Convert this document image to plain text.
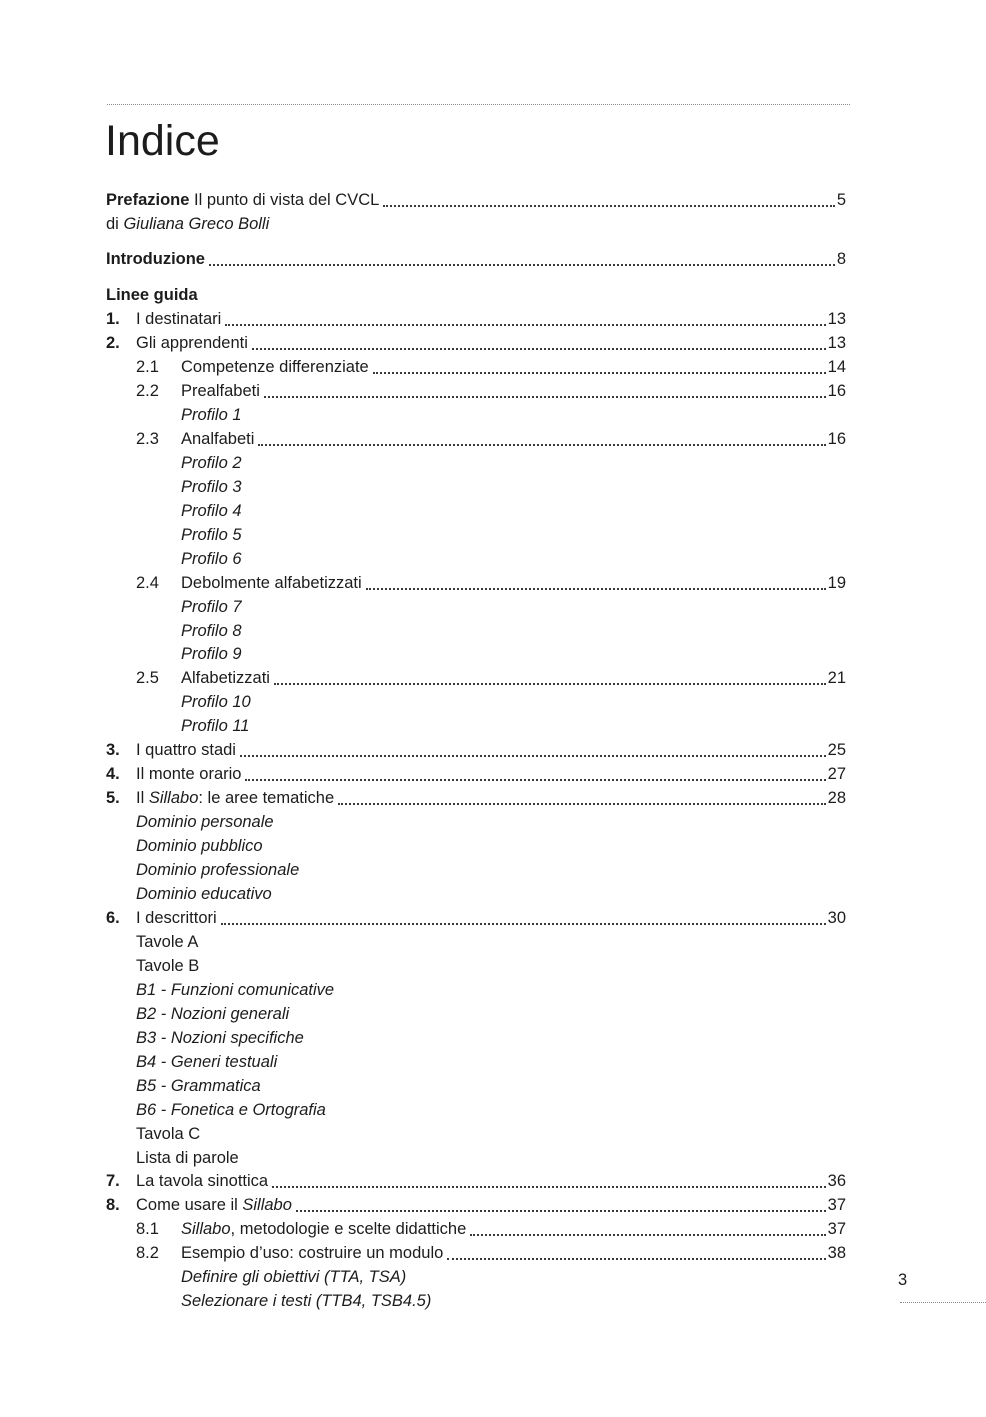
Indice
Prefazione Il punto di vista del CVCL	5
di Giuliana Greco Bolli
Introduzione	8
Linee guida
1. I destinatari	13
2. Gli apprendenti	13
2.1	Competenze differenziate	14
2.2	Prealfabeti	16
Profilo 1
2.3	Analfabeti	16
Profilo 2
Profilo 3
Profilo 4
Profilo 5
Profilo 6
2.4	Debolmente alfabetizzati	19
Profilo 7
Profilo 8
Profilo 9
2.5	Alfabetizzati	21
Profilo 10
Profilo 11
3. I quattro stadi	25
4. Il monte orario	27
5. Il Sillabo: le aree tematiche	28
Dominio personale
Dominio pubblico
Dominio professionale
Dominio educativo
6. I descrittori	30
Tavole A
Tavole B
B1 - Funzioni comunicative
B2 - Nozioni generali
B3 - Nozioni specifiche
B4 - Generi testuali
B5 - Grammatica
B6 - Fonetica e Ortografia
Tavola C
Lista di parole
7. La tavola sinottica	36
8. Come usare il Sillabo	37
8.1	Sillabo, metodologie e scelte didattiche	37
8.2	Esempio d’uso: costruire un modulo	38
Definire gli obiettivi (TTA, TSA)
Selezionare i testi (TTB4, TSB4.5)
3
